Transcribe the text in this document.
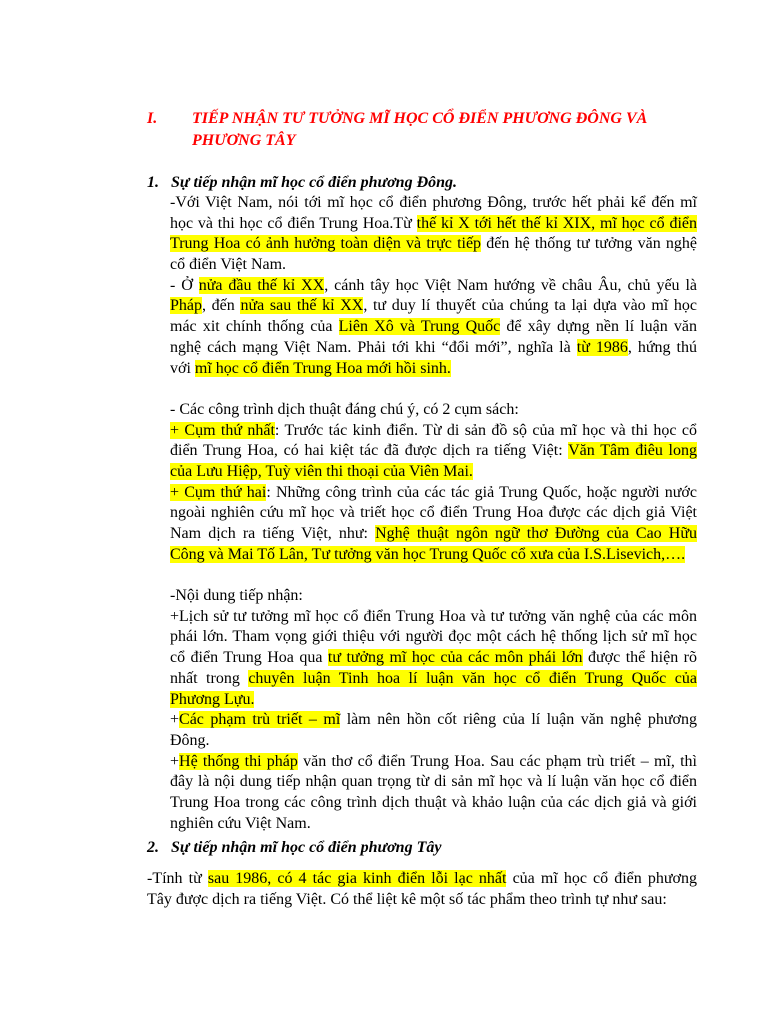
I. TIẾP NHẬN TƯ TƯỞNG MĨ HỌC CỔ ĐIỂN PHƯƠNG ĐÔNG VÀ PHƯƠNG TÂY
1. Sự tiếp nhận mĩ học cổ điển phương Đông.
-Với Việt Nam, nói tới mĩ học cổ điển phương Đông, trước hết phải kể đến mĩ
học và thi học cổ điển Trung Hoa.Từ thế kỉ X tới hết thế kỉ XIX, mĩ học cổ điển
Trung Hoa có ảnh hưởng toàn diện và trực tiếp đến hệ thống tư tưởng văn nghệ
cổ điển Việt Nam.
- Ở nửa đầu thế kỉ XX, cánh tây học Việt Nam hướng về châu Âu, chủ yếu là
Pháp, đến nửa sau thế kỉ XX, tư duy lí thuyết của chúng ta lại dựa vào mĩ học
mác xit chính thống của Liên Xô và Trung Quốc để xây dựng nền lí luận văn
nghệ cách mạng Việt Nam. Phải tới khi “đổi mới”, nghĩa là từ 1986, hứng thú
với mĩ học cổ điển Trung Hoa mới hồi sinh.
- Các công trình dịch thuật đáng chú ý, có 2 cụm sách:
+ Cụm thứ nhất: Trước tác kinh điển. Từ di sản đồ sộ của mĩ học và thi học cổ
điển Trung Hoa, có hai kiệt tác đã được dịch ra tiếng Việt: Văn Tâm điêu long
của Lưu Hiệp, Tuỳ viên thi thoại của Viên Mai.
+ Cụm thứ hai: Những công trình của các tác giả Trung Quốc, hoặc người nước
ngoài nghiên cứu mĩ học và triết học cổ điển Trung Hoa được các dịch giả Việt
Nam dịch ra tiếng Việt, như: Nghệ thuật ngôn ngữ thơ Đường của Cao Hữu
Công và Mai Tố Lân, Tư tưởng văn học Trung Quốc cổ xưa của I.S.Lisevich,….
-Nội dung tiếp nhận:
+Lịch sử tư tưởng mĩ học cổ điển Trung Hoa và tư tưởng văn nghệ của các môn
phái lớn. Tham vọng giới thiệu với người đọc một cách hệ thống lịch sử mĩ học
cổ điển Trung Hoa qua tư tưởng mĩ học của các môn phái lớn được thể hiện rõ
nhất trong chuyên luận Tinh hoa lí luận văn học cổ điển Trung Quốc của
Phương Lựu.
+Các phạm trù triết – mĩ làm nên hồn cốt riêng của lí luận văn nghệ phương
Đông.
+Hệ thống thi pháp văn thơ cổ điển Trung Hoa. Sau các phạm trù triết – mĩ, thì
đây là nội dung tiếp nhận quan trọng từ di sản mĩ học và lí luận văn học cổ điển
Trung Hoa trong các công trình dịch thuật và khảo luận của các dịch giả và giới
nghiên cứu Việt Nam.
2. Sự tiếp nhận mĩ học cổ điển phương Tây
-Tính từ sau 1986, có 4 tác gia kinh điển lỗi lạc nhất của mĩ học cổ điển phương
Tây được dịch ra tiếng Việt. Có thể liệt kê một số tác phẩm theo trình tự như sau:
